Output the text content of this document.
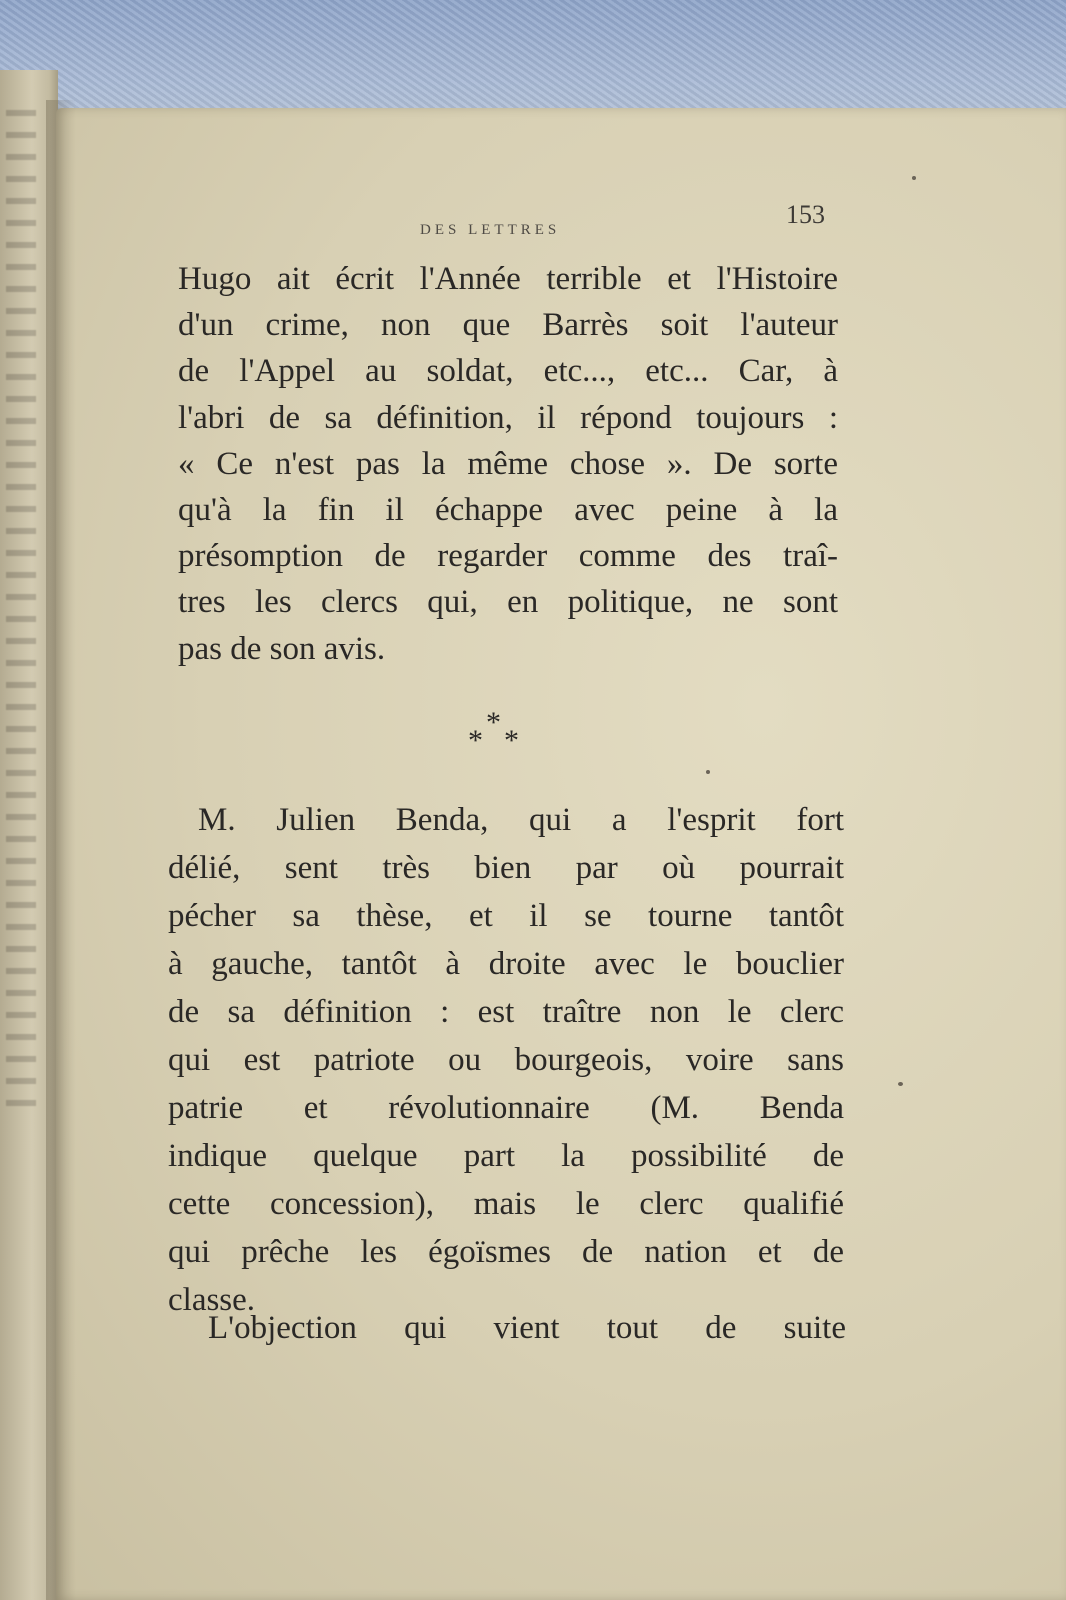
DES LETTRES
153
Hugo ait écrit l'Année terrible et l'Histoire
d'un crime, non que Barrès soit l'auteur
de l'Appel au soldat, etc..., etc... Car, à
l'abri de sa définition, il répond toujours :
« Ce n'est pas la même chose ». De sorte
qu'à la fin il échappe avec peine à la
présomption de regarder comme des traî-
tres les clercs qui, en politique, ne sont
pas de son avis.
*
* *
M. Julien Benda, qui a l'esprit fort
délié, sent très bien par où pourrait
pécher sa thèse, et il se tourne tantôt
à gauche, tantôt à droite avec le bouclier
de sa définition : est traître non le clerc
qui est patriote ou bourgeois, voire sans
patrie et révolutionnaire (M. Benda
indique quelque part la possibilité de
cette concession), mais le clerc qualifié
qui prêche les égoïsmes de nation et de
classe.
L'objection qui vient tout de suite
